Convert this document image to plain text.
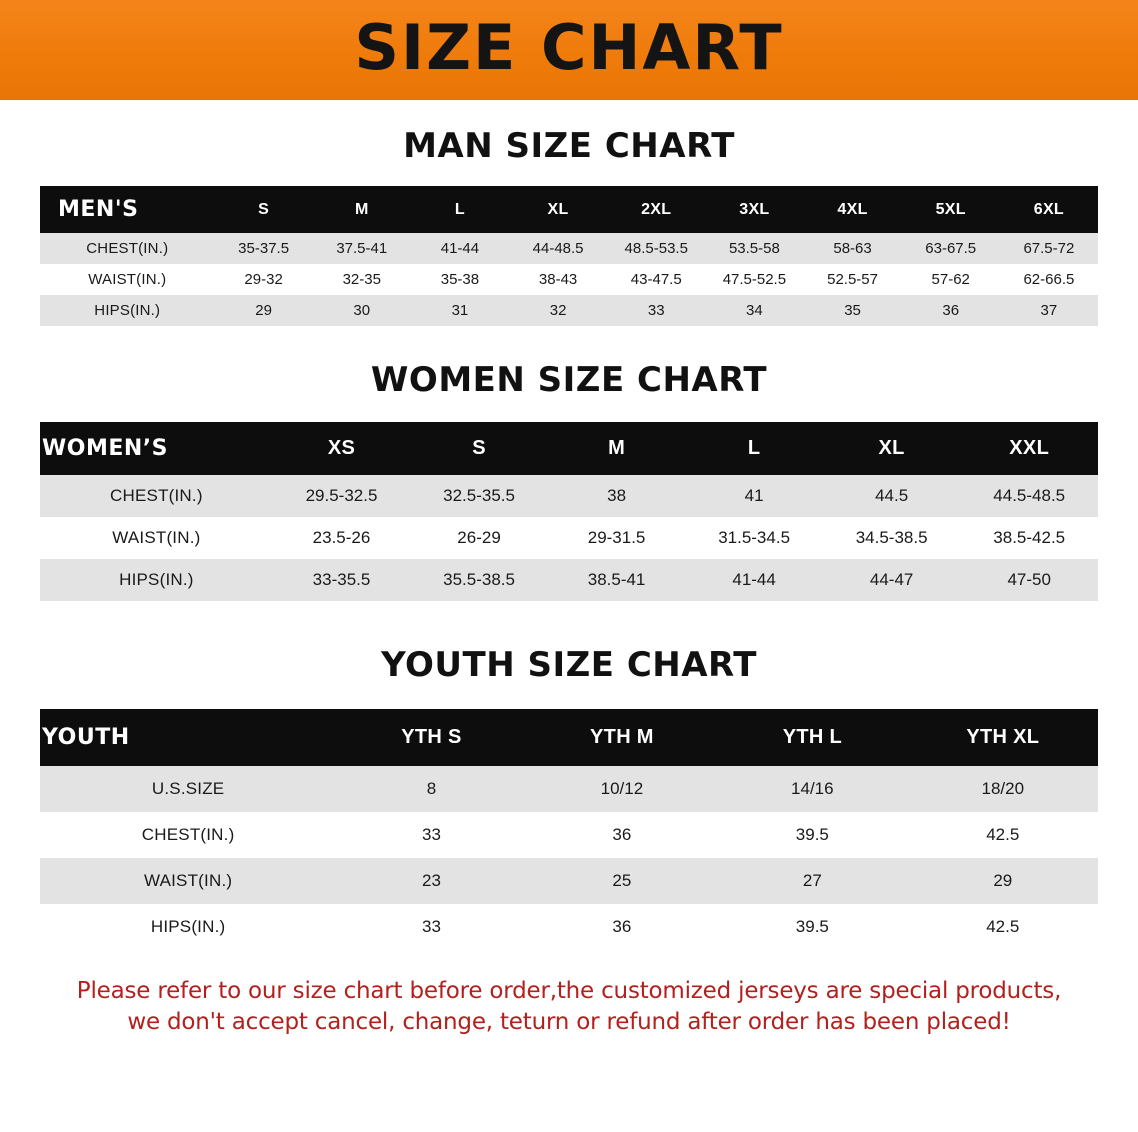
SIZE CHART
MAN SIZE CHART
MEN'S	S	M	L	XL	2XL	3XL	4XL	5XL	6XL
CHEST(IN.)	35-37.5	37.5-41	41-44	44-48.5	48.5-53.5	53.5-58	58-63	63-67.5	67.5-72
WAIST(IN.)	29-32	32-35	35-38	38-43	43-47.5	47.5-52.5	52.5-57	57-62	62-66.5
HIPS(IN.)	29	30	31	32	33	34	35	36	37
WOMEN SIZE CHART
WOMEN’S	XS	S	M	L	XL	XXL
CHEST(IN.)	29.5-32.5	32.5-35.5	38	41	44.5	44.5-48.5
WAIST(IN.)	23.5-26	26-29	29-31.5	31.5-34.5	34.5-38.5	38.5-42.5
HIPS(IN.)	33-35.5	35.5-38.5	38.5-41	41-44	44-47	47-50
YOUTH SIZE CHART
YOUTH	YTH S	YTH M	YTH L	YTH XL
U.S.SIZE	8	10/12	14/16	18/20
CHEST(IN.)	33	36	39.5	42.5
WAIST(IN.)	23	25	27	29
HIPS(IN.)	33	36	39.5	42.5
Please refer to our size chart before order,the customized jerseys are special products,
we don't accept cancel, change, teturn or refund after order has been placed!
